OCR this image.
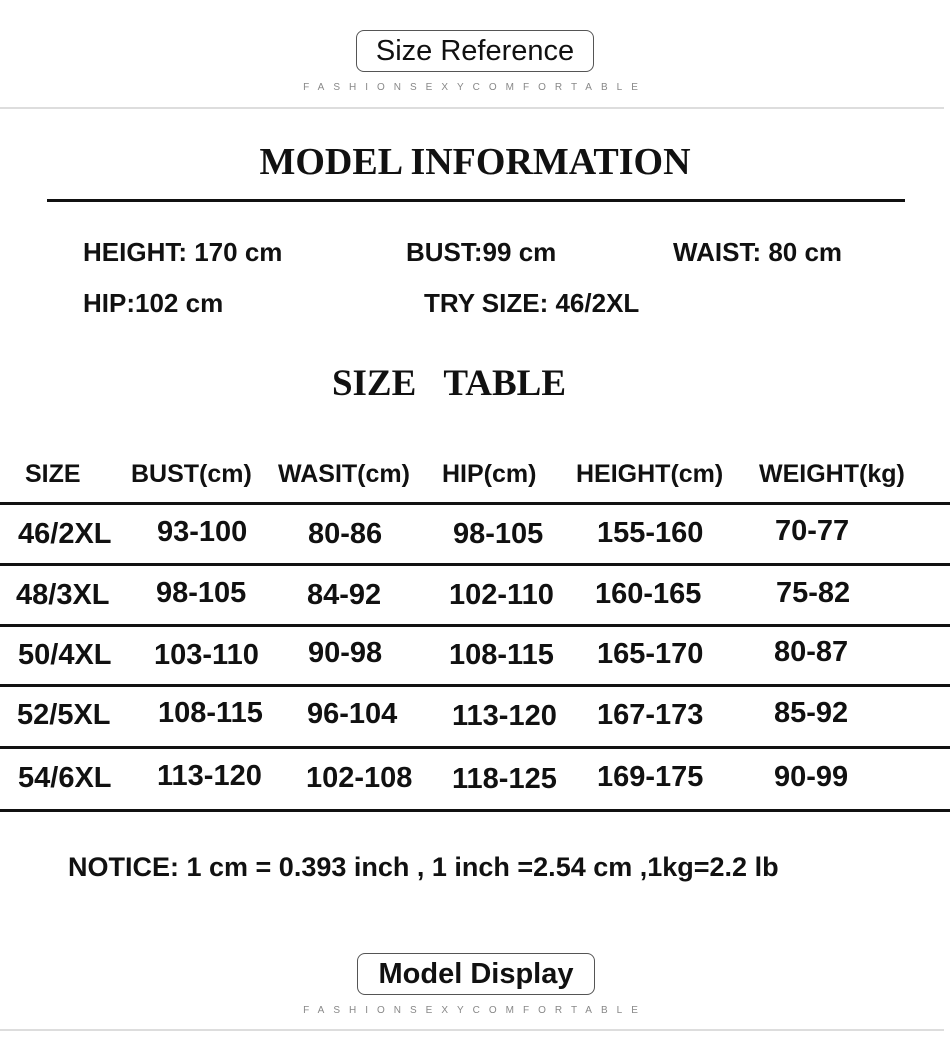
Size Reference
FASHIONSEXYCOMFORTABLE
MODEL INFORMATION
HEIGHT: 170 cm	BUST:99 cm	WAIST: 80 cm
HIP:102 cm	TRY SIZE: 46/2XL
SIZE   TABLE
SIZE BUST(cm) WASIT(cm) HIP(cm) HEIGHT(cm) WEIGHT(kg)
46/2XL 93-100 80-86 98-105 155-160 70-77
48/3XL 98-105 84-92 102-110 160-165	75-82
50/4XL 103-110 90-98 108-115 165-170 80-87
52/5XL 108-115 96-104 113-120 167-173 85-92
54/6XL 113-120 102-108 118-125 169-175 90-99
NOTICE: 1 cm = 0.393 inch , 1 inch =2.54 cm ,1kg=2.2 lb
Model Display
FASHIONSEXYCOMFORTABLE
